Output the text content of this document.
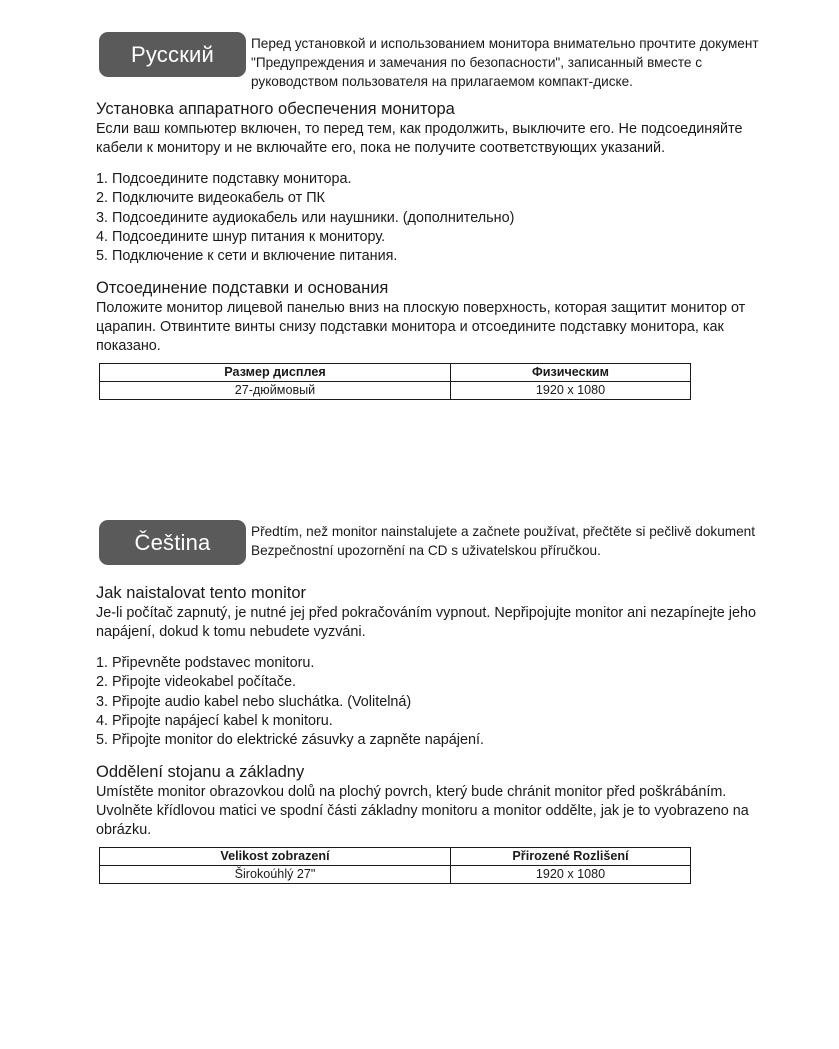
Русский	Перед установкой и использованием монитора внимательно прочтите документ "Предупреждения и замечания по безопасности", записанный вместе с руководством пользователя на прилагаемом компакт-диске.

Установка аппаратного обеспечения монитора

Если ваш компьютер включен, то перед тем, как продолжить, выключите его. Не подсоединяйте кабели к монитору и не включайте его, пока не получите соответствующих указаний.

1. Подсоедините подставку монитора.
2. Подключите видеокабель от ПК
3. Подсоедините аудиокабель или наушники. (дополнительно)
4. Подсоедините шнур питания к монитору.
5. Подключение к сети и включение питания.
Отсоединение подставки и основания

Положите монитор лицевой панелью вниз на плоскую поверхность, которая защитит монитор от царапин. Отвинтите винты снизу подставки монитора и отсоедините подставку монитора, как показано.

Размер дисплея	Физическим
27-дюймовый	1920 x 1080
Čeština	Předtím, než monitor nainstalujete a začnete používat, přečtěte si pečlivě dokument Bezpečnostní upozornění na CD s uživatelskou příručkou.

Jak naistalovat tento monitor

Je-li počítač zapnutý, je nutné jej před pokračováním vypnout. Nepřipojujte monitor ani nezapínejte jeho napájení, dokud k tomu nebudete vyzváni.

1. Připevněte podstavec monitoru.
2. Připojte videokabel počítače.
3. Připojte audio kabel nebo sluchátka. (Volitelná)
4. Připojte napájecí kabel k monitoru.
5. Připojte monitor do elektrické zásuvky a zapněte napájení.
Oddělení stojanu a základny

Umístěte monitor obrazovkou dolů na plochý povrch, který bude chránit monitor před poškrábáním. Uvolněte křídlovou matici ve spodní části základny monitoru a monitor oddělte, jak je to vyobrazeno na obrázku.

Velikost zobrazení	Přirozené Rozlišení
Širokoúhlý 27"	1920 x 1080
